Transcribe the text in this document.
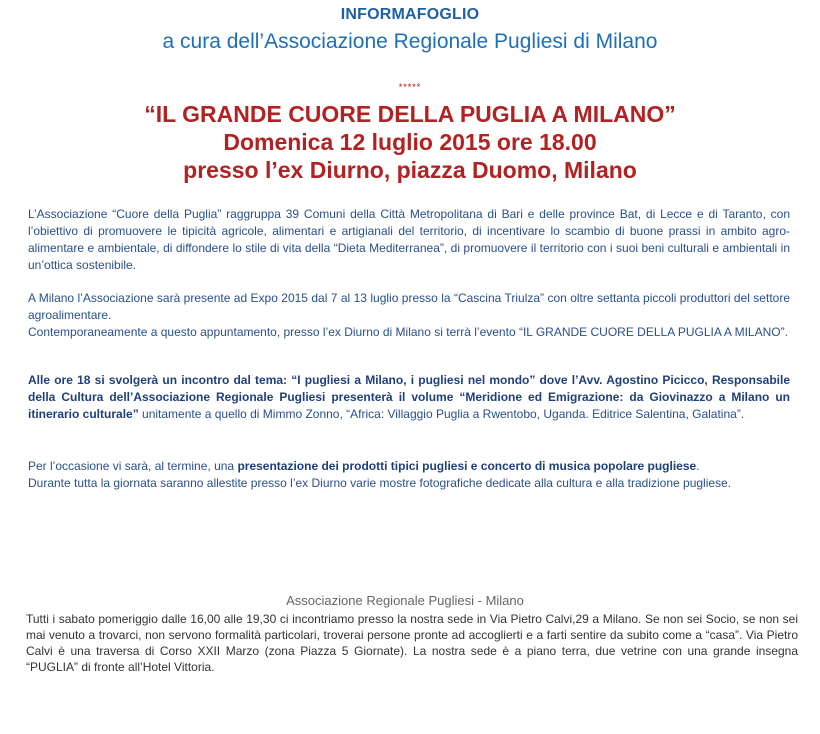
INFORMAFOGLIO
a cura dell’Associazione Regionale Pugliesi di Milano
*****
“IL GRANDE CUORE DELLA PUGLIA A MILANO”
Domenica 12 luglio 2015 ore 18.00
presso l’ex Diurno, piazza Duomo, Milano
L’Associazione “Cuore della Puglia” raggruppa 39 Comuni della Città Metropolitana di Bari e delle province Bat, di Lecce e di Taranto, con l’obiettivo di promuovere le tipicità agricole, alimentari e artigianali del territorio, di incentivare lo scambio di buone prassi in ambito agro-alimentare e ambientale, di diffondere lo stile di vita della “Dieta Mediterranea”, di promuovere il territorio con i suoi beni culturali e ambientali in un’ottica sostenibile.
A Milano l’Associazione sarà presente ad Expo 2015 dal 7 al 13 luglio presso la “Cascina Triulza” con oltre settanta piccoli produttori del settore agroalimentare.
Contemporaneamente a questo appuntamento, presso l’ex Diurno di Milano si terrà l’evento “IL GRANDE CUORE DELLA PUGLIA A MILANO”.
Alle ore 18 si svolgerà un incontro dal tema: “I pugliesi a Milano, i pugliesi nel mondo” dove l’Avv. Agostino Picicco, Responsabile della Cultura dell’Associazione Regionale Pugliesi presenterà il volume “Meridione ed Emigrazione: da Giovinazzo a Milano un itinerario culturale” unitamente a quello di Mimmo Zonno, “Africa: Villaggio Puglia a Rwentobo, Uganda. Editrice Salentina, Galatina”.
Per l’occasione vi sarà, al termine, una presentazione dei prodotti tipici pugliesi e concerto di musica popolare pugliese.
Durante tutta la giornata saranno allestite presso l’ex Diurno varie mostre fotografiche dedicate alla cultura e alla tradizione pugliese.
Associazione Regionale Pugliesi - Milano
Tutti i sabato pomeriggio dalle 16,00 alle 19,30 ci incontriamo presso la nostra sede in Via Pietro Calvi,29 a Milano. Se non sei Socio, se non sei mai venuto a trovarci, non servono formalità particolari, troverai persone pronte ad accoglierti e a farti sentire da subito come a “casa”. Via Pietro Calvi è una traversa di Corso XXII Marzo (zona Piazza 5 Giornate). La nostra sede è a piano terra, due vetrine con una grande insegna “PUGLIA” di fronte all’Hotel Vittoria.
